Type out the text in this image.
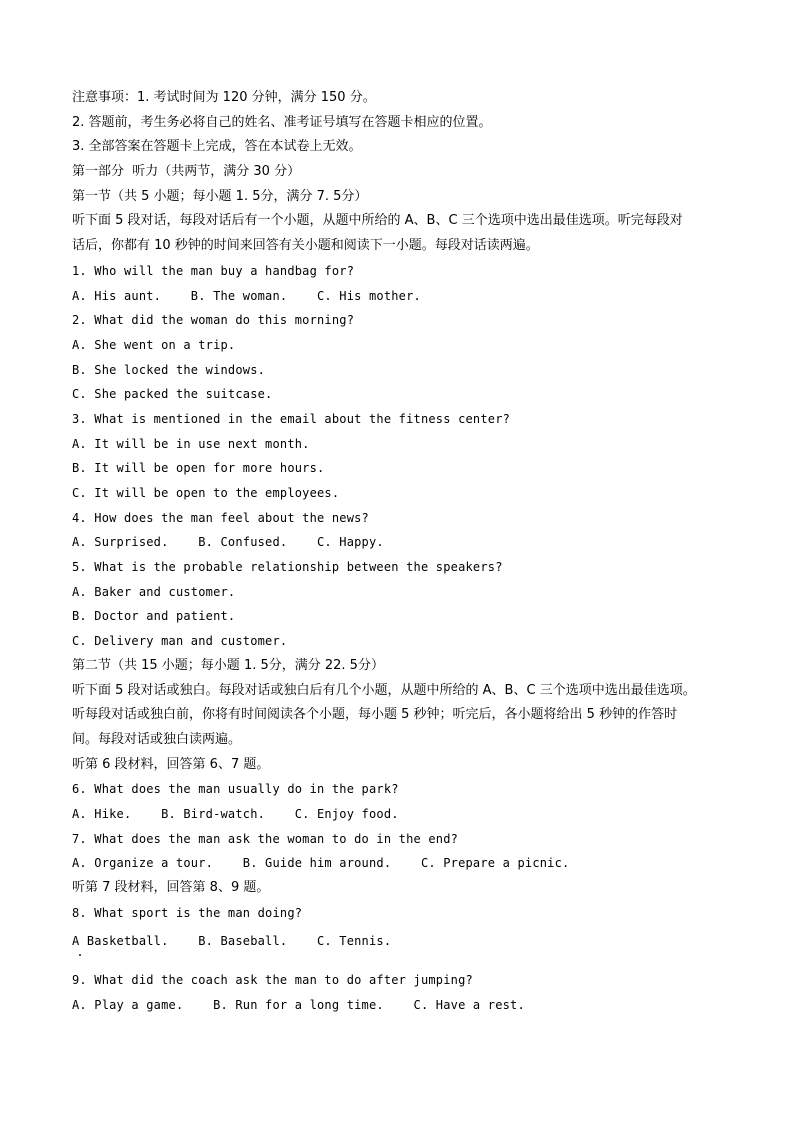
注意事项：1. 考试时间为 120 分钟，满分 150 分。

2. 答题前，考生务必将自己的姓名、准考证号填写在答题卡相应的位置。

3. 全部答案在答题卡上完成，答在本试卷上无效。

第一部分  听力（共两节，满分 30 分）

第一节（共 5 小题；每小题 1. 5分，满分 7. 5分）

听下面 5 段对话，每段对话后有一个小题，从题中所给的 A、B、C 三个选项中选出最佳选项。听完每段对

话后，你都有 10 秒钟的时间来回答有关小题和阅读下一小题。每段对话读两遍。

1. Who will the man buy a handbag for?

A. His aunt.    B. The woman.    C. His mother.

2. What did the woman do this morning?

A. She went on a trip.

B. She locked the windows.

C. She packed the suitcase.

3. What is mentioned in the email about the fitness center?

A. It will be in use next month.

B. It will be open for more hours.

C. It will be open to the employees.

4. How does the man feel about the news?

A. Surprised.    B. Confused.    C. Happy.

5. What is the probable relationship between the speakers?

A. Baker and customer.

B. Doctor and patient.

C. Delivery man and customer.

第二节（共 15 小题；每小题 1. 5分，满分 22. 5分）

听下面 5 段对话或独白。每段对话或独白后有几个小题，从题中所给的 A、B、C 三个选项中选出最佳选项。

听每段对话或独白前，你将有时间阅读各个小题，每小题 5 秒钟；听完后，各小题将给出 5 秒钟的作答时

间。每段对话或独白读两遍。

听第 6 段材料，回答第 6、7 题。

6. What does the man usually do in the park?

A. Hike.    B. Bird-watch.    C. Enjoy food.

7. What does the man ask the woman to do in the end?

A. Organize a tour.    B. Guide him around.    C. Prepare a picnic.

听第 7 段材料，回答第 8、9 题。

8. What sport is the man doing?

A Basketball.    B. Baseball.    C. Tennis.

9. What did the coach ask the man to do after jumping?

A. Play a game.    B. Run for a long time.    C. Have a rest.
